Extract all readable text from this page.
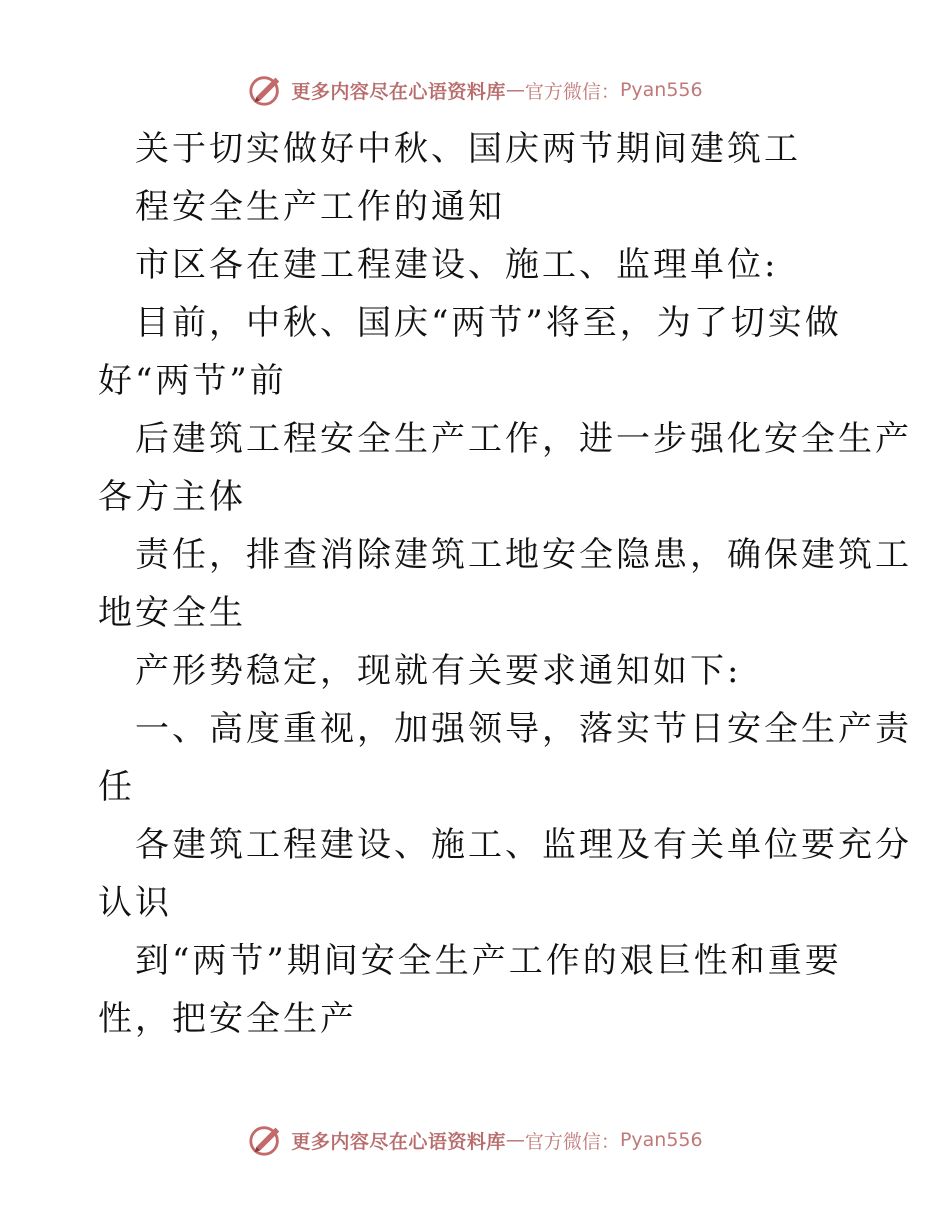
更多内容尽在心语资料库 — 官方微信： Pyan556
关于切实做好中秋、国庆两节期间建筑工
程安全生产工作的通知
市区各在建工程建设、施工、监理单位:
目前，中秋、国庆“两节”将至，为了切实做
好“两节”前
后建筑工程安全生产工作，进一步强化安全生产
各方主体
责任，排查消除建筑工地安全隐患，确保建筑工
地安全生
产形势稳定，现就有关要求通知如下:
一、高度重视，加强领导，落实节日安全生产责
任
各建筑工程建设、施工、监理及有关单位要充分
认识
到“两节”期间安全生产工作的艰巨性和重要
性，把安全生产
更多内容尽在心语资料库 — 官方微信： Pyan556
